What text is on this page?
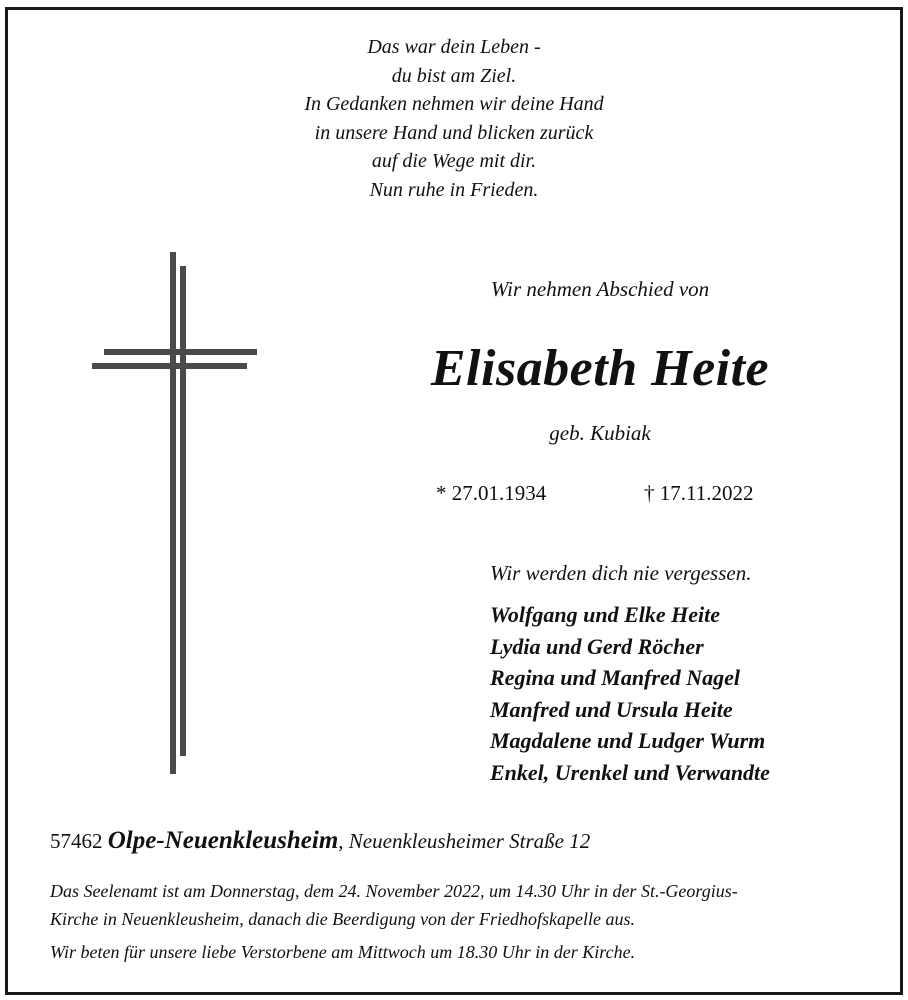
Das war dein Leben -
du bist am Ziel.
In Gedanken nehmen wir deine Hand
in unsere Hand und blicken zurück
auf die Wege mit dir.
Nun ruhe in Frieden.
Wir nehmen Abschied von
Elisabeth Heite
geb. Kubiak
* 27.01.1934	† 17.11.2022
Wir werden dich nie vergessen.
Wolfgang und Elke Heite
Lydia und Gerd Röcher
Regina und Manfred Nagel
Manfred und Ursula Heite
Magdalene und Ludger Wurm
Enkel, Urenkel und Verwandte
57462 Olpe-Neuenkleusheim, Neuenkleusheimer Straße 12
Das Seelenamt ist am Donnerstag, dem 24. November 2022, um 14.30 Uhr in der St.-Georgius-
Kirche in Neuenkleusheim, danach die Beerdigung von der Friedhofskapelle aus.
Wir beten für unsere liebe Verstorbene am Mittwoch um 18.30 Uhr in der Kirche.
